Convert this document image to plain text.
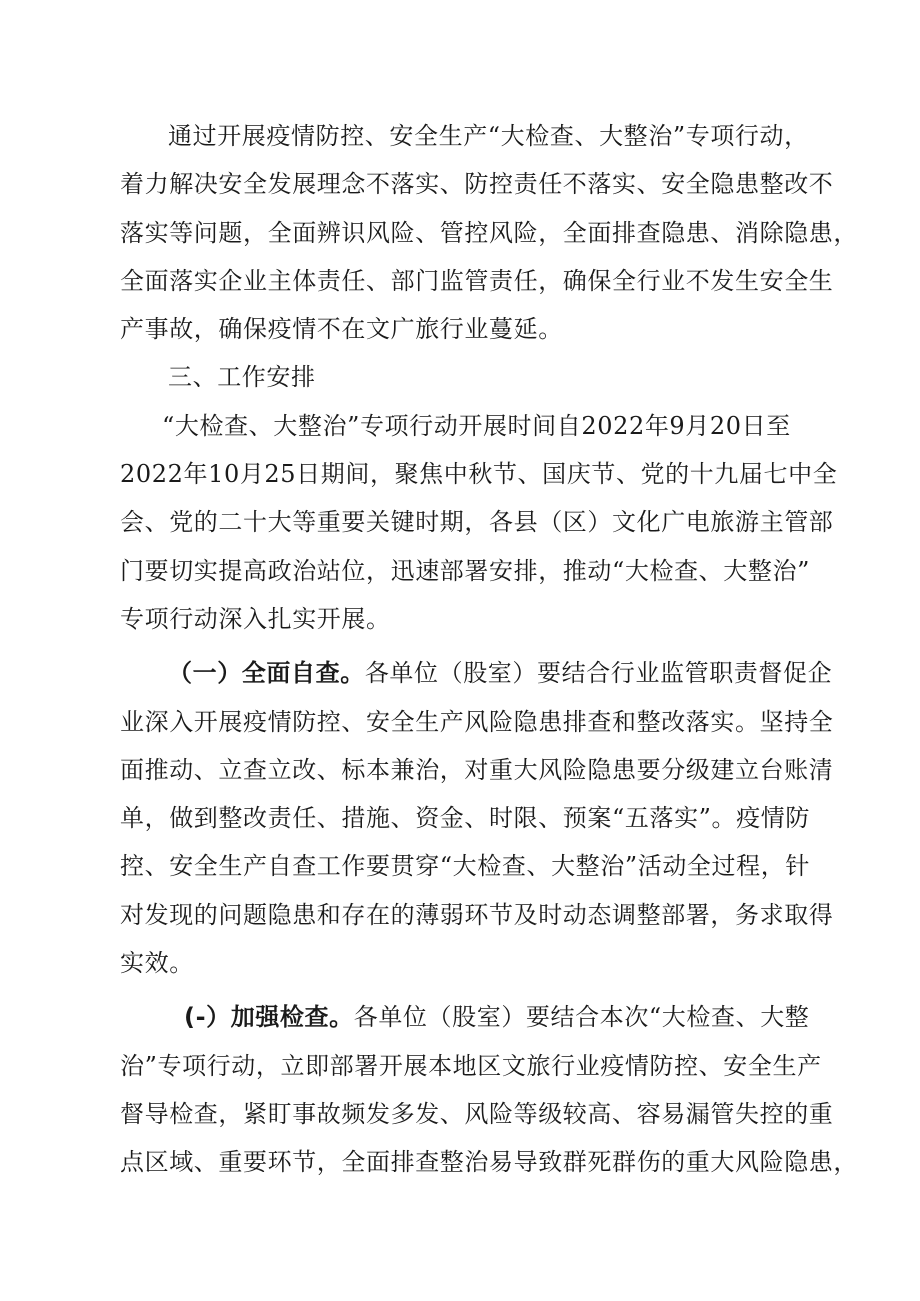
通过开展疫情防控、安全生产“大检查、大整治”专项行动，
着力解决安全发展理念不落实、防控责任不落实、安全隐患整改不
落实等问题，全面辨识风险、管控风险，全面排查隐患、消除隐患，
全面落实企业主体责任、部门监管责任，确保全行业不发生安全生
产事故，确保疫情不在文广旅行业蔓延。

三、工作安排

“大检查、大整治”专项行动开展时间自2022年9月20日至
2022年10月25日期间，聚焦中秋节、国庆节、党的十九届七中全
会、党的二十大等重要关键时期，各县（区）文化广电旅游主管部
门要切实提高政治站位，迅速部署安排，推动“大检查、大整治”
专项行动深入扎实开展。

（一）全面自查。各单位（股室）要结合行业监管职责督促企
业深入开展疫情防控、安全生产风险隐患排查和整改落实。坚持全
面推动、立查立改、标本兼治，对重大风险隐患要分级建立台账清
单，做到整改责任、措施、资金、时限、预案“五落实”。疫情防
控、安全生产自查工作要贯穿“大检查、大整治”活动全过程，针
对发现的问题隐患和存在的薄弱环节及时动态调整部署，务求取得
实效。

(-）加强检查。各单位（股室）要结合本次“大检查、大整
治”专项行动，立即部署开展本地区文旅行业疫情防控、安全生产
督导检查，紧盯事故频发多发、风险等级较高、容易漏管失控的重
点区域、重要环节，全面排查整治易导致群死群伤的重大风险隐患，
